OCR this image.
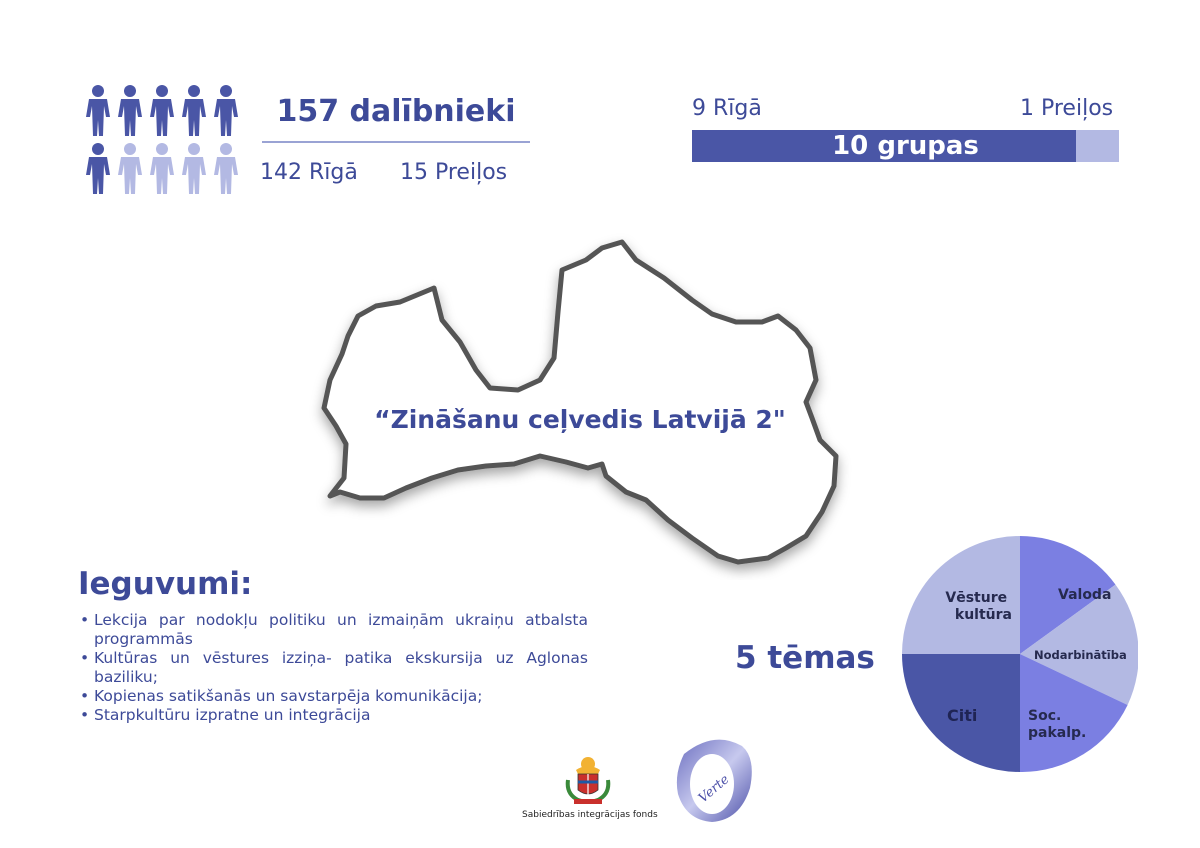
157 dalībnieki
142 Rīgā 15 Preiļos
9 Rīgā	1 Preiļos
10 grupas
“Zināšanu ceļvedis Latvijā 2"
Ieguvumi:
• Lekcija par nodokļu politiku un izmaiņām ukraiņu atbalsta programmās
• Kultūras un vēstures izziņa- patika ekskursija uz Aglonas baziliku;
• Kopienas satikšanās un savstarpēja komunikācija;
• Starpkultūru izpratne un integrācija
5 tēmas
Valoda
Nodarbinātība
Soc. pakalp.
Citi
Vēsture kultūra
Sabiedrības integrācijas fonds
Verte
